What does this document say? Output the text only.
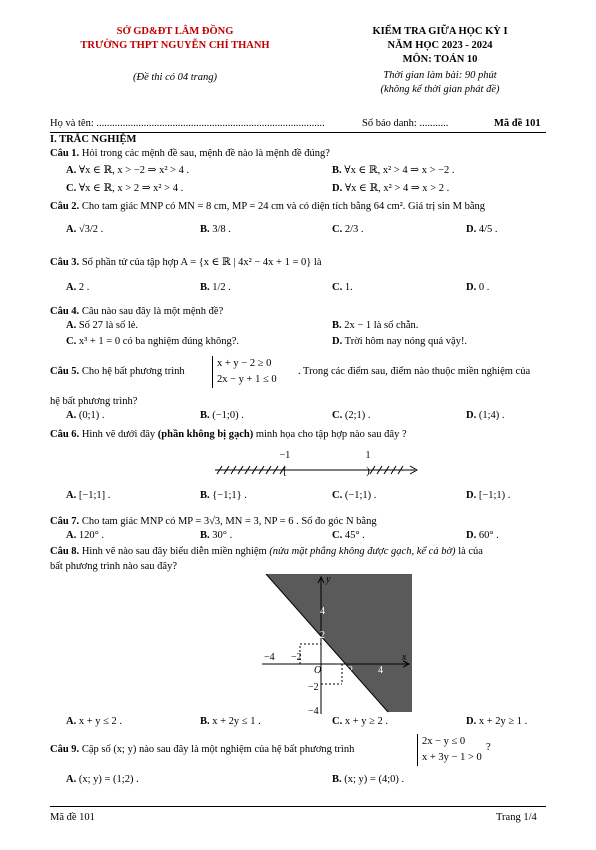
SỞ GD&ĐT LÂM ĐỒNG
TRƯỜNG THPT NGUYỄN CHÍ THANH
(Đề thi có 04 trang)
KIỂM TRA GIỮA HỌC KỲ I
NĂM HỌC 2023 - 2024
MÔN: TOÁN 10
Thời gian làm bài: 90 phút
(không kể thời gian phát đề)
Họ và tên: .......................................................................................	Số báo danh: ...........	Mã đề 101
I. TRẮC NGHIỆM
Câu 1. Hỏi trong các mệnh đề sau, mệnh đề nào là mệnh đề đúng?
A. ∀x ∈ ℝ, x > −2 ⇒ x² > 4 .	B. ∀x ∈ ℝ, x² > 4 ⇒ x > −2 .
C. ∀x ∈ ℝ, x > 2 ⇒ x² > 4 .	D. ∀x ∈ ℝ, x² > 4 ⇒ x > 2 .
Câu 2. Cho tam giác MNP có MN = 8 cm, MP = 24 cm và có diện tích bằng 64 cm². Giá trị sin M bằng
A. √3/2 .	B. 3/8 .	C. 2/3 .	D. 4/5 .
Câu 3. Số phần tử của tập hợp A = {x ∈ ℝ | 4x² − 4x + 1 = 0} là
A. 2 .	B. 1/2 .	C. 1.	D. 0 .
Câu 4. Câu nào sau đây là một mệnh đề?
A. Số 27 là số lẻ.	B. 2x − 1 là số chẵn.
C. x³ + 1 = 0 có ba nghiệm đúng không?.	D. Trời hôm nay nóng quá vậy!.
Câu 5. Cho hệ bất phương trình
x + y − 2 ≥ 0
2x − y + 1 ≤ 0
. Trong các điểm sau, điểm nào thuộc miền nghiệm của
hệ bất phương trình?
A. (0;1) .	B. (−1;0) .	C. (2;1) .	D. (1;4) .
Câu 6. Hình vẽ dưới đây (phần không bị gạch) minh họa cho tập hợp nào sau đây ?
−1	1
[	)
A. [−1;1] .	B. {−1;1} .	C. (−1;1) .	D. [−1;1) .
Câu 7. Cho tam giác MNP có MP = 3√3, MN = 3, NP = 6 . Số đo góc N bằng
A. 120° .	B. 30° .	C. 45° .	D. 60° .
Câu 8. Hình vẽ nào sau đây biểu diễn miền nghiệm (nửa mặt phẳng không được gạch, kể cả bờ) là của
bất phương trình nào sau đây?
y
x
O
−4 −2
2	4
4
2
−2
−4
A. x + y ≤ 2 .	B. x + 2y ≤ 1 .	C. x + y ≥ 2 .	D. x + 2y ≥ 1 .
Câu 9. Cặp số (x; y) nào sau đây là một nghiệm của hệ bất phương trình
2x − y ≤ 0
x + 3y − 1 > 0
?
A. (x; y) = (1;2) .	B. (x; y) = (4;0) .
Mã đề 101	Trang 1/4
